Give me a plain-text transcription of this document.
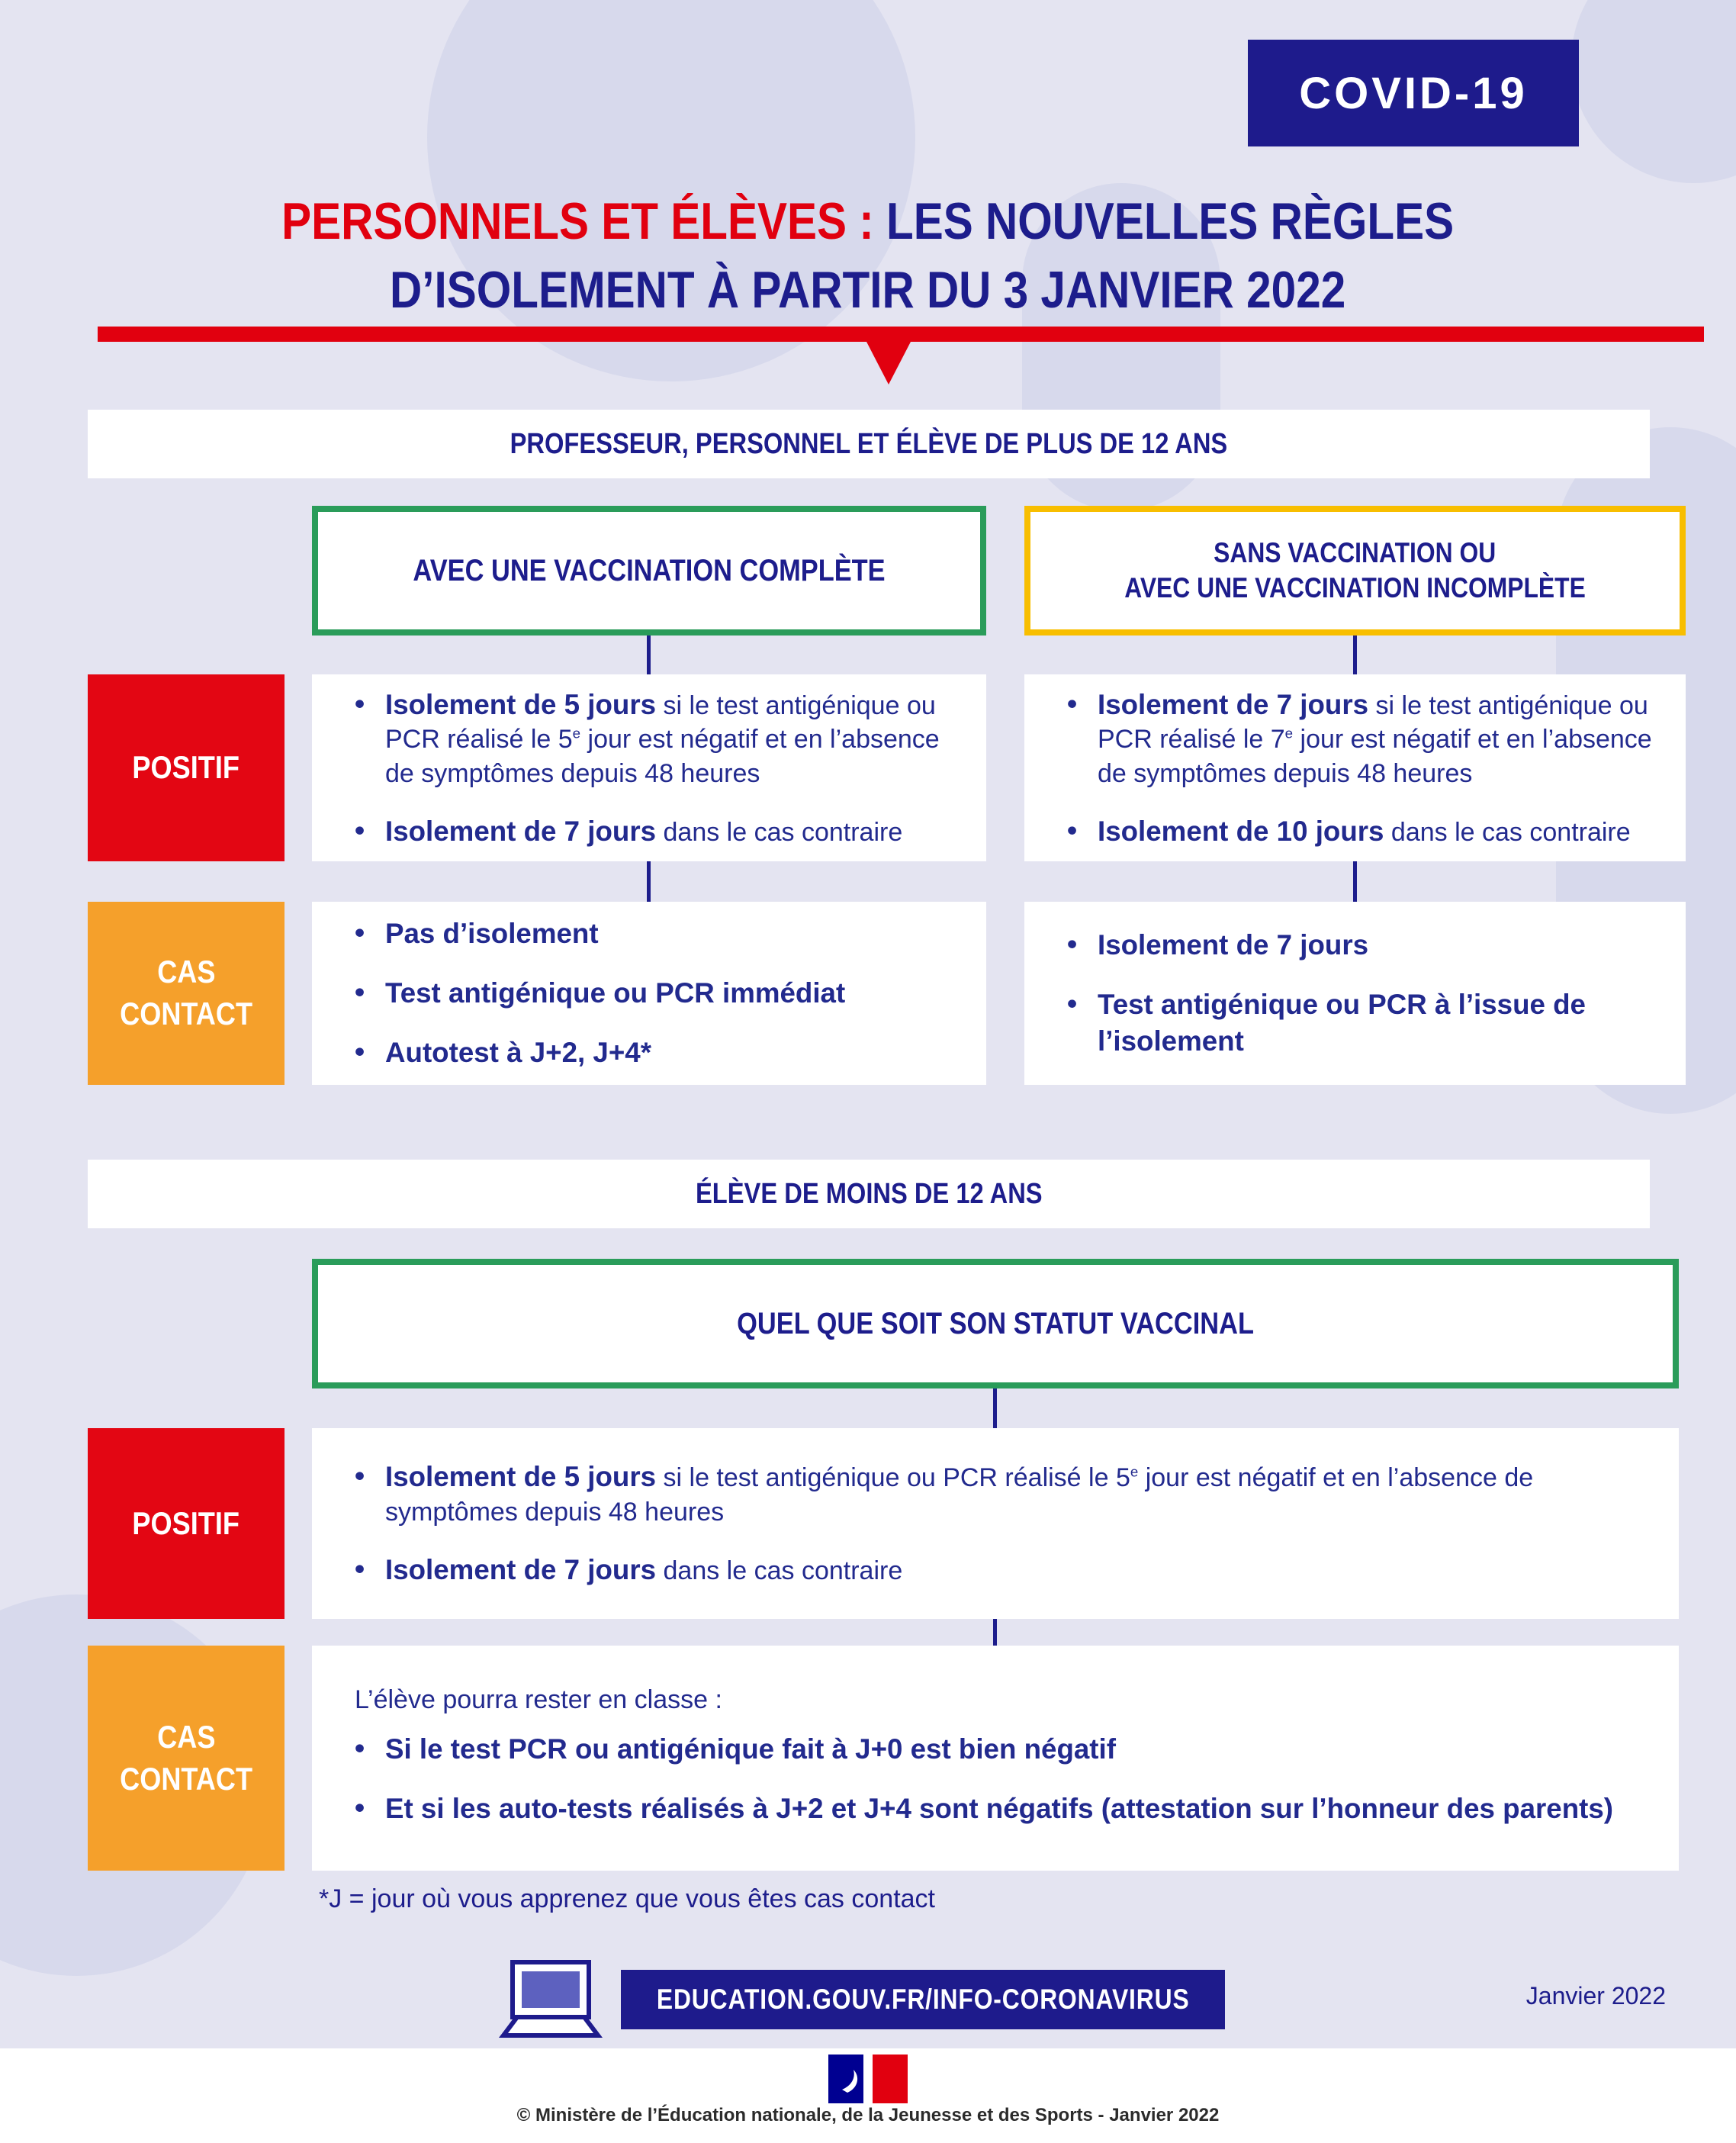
COVID-19
PERSONNELS ET ÉLÈVES : LES NOUVELLES RÈGLES
D’ISOLEMENT À PARTIR DU 3 JANVIER 2022
PROFESSEUR, PERSONNEL ET ÉLÈVE DE PLUS DE 12 ANS
AVEC UNE VACCINATION COMPLÈTE
SANS VACCINATION OU
AVEC UNE VACCINATION INCOMPLÈTE
POSITIF
• Isolement de 5 jours si le test antigénique ou PCR réalisé le 5e jour est négatif et en l’absence de symptômes depuis 48 heures
• Isolement de 7 jours dans le cas contraire
• Isolement de 7 jours si le test antigénique ou PCR réalisé le 7e jour est négatif et en l’absence de symptômes depuis 48 heures
• Isolement de 10 jours dans le cas contraire
CAS
CONTACT
• Pas d’isolement
• Test antigénique ou PCR immédiat
• Autotest à J+2, J+4*
• Isolement de 7 jours
• Test antigénique ou PCR à l’issue de l’isolement
ÉLÈVE DE MOINS DE 12 ANS
QUEL QUE SOIT SON STATUT VACCINAL
POSITIF
• Isolement de 5 jours si le test antigénique ou PCR réalisé le 5e jour est négatif et en l’absence de symptômes depuis 48 heures
• Isolement de 7 jours dans le cas contraire
CAS
CONTACT
L’élève pourra rester en classe :
• Si le test PCR ou antigénique fait à J+0 est bien négatif
• Et si les auto-tests réalisés à J+2 et J+4 sont négatifs (attestation sur l’honneur des parents)
*J = jour où vous apprenez que vous êtes cas contact
EDUCATION.GOUV.FR/INFO-CORONAVIRUS	Janvier 2022
© Ministère de l’Éducation nationale, de la Jeunesse et des Sports - Janvier 2022
